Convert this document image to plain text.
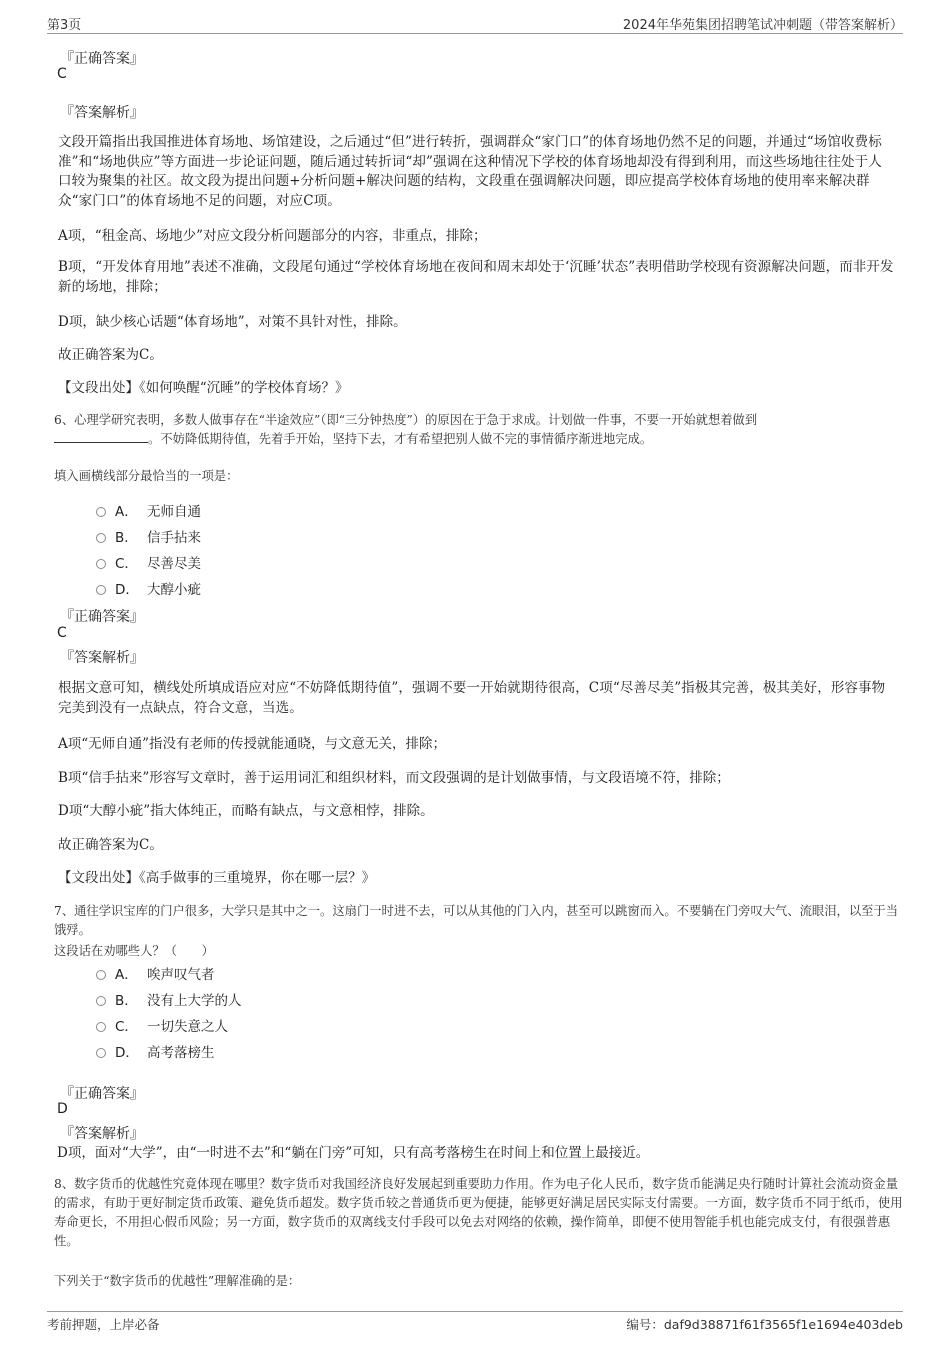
第3页	2024年华苑集团招聘笔试冲刺题（带答案解析）
『正确答案』
C
『答案解析』
文段开篇指出我国推进体育场地、场馆建设，之后通过“但”进行转折，强调群众“家门口”的体育场地仍然不足的问题，并通过“场馆收费标准”和“场地供应”等方面进一步论证问题，随后通过转折词“却”强调在这种情况下学校的体育场地却没有得到利用，而这些场地往往处于人口较为聚集的社区。故文段为提出问题+分析问题+解决问题的结构，文段重在强调解决问题，即应提高学校体育场地的使用率来解决群众“家门口”的体育场地不足的问题，对应C项。
A项，“租金高、场地少”对应文段分析问题部分的内容，非重点，排除；
B项，“开发体育用地”表述不准确，文段尾句通过“学校体育场地在夜间和周末却处于‘沉睡’状态”表明借助学校现有资源解决问题，而非开发新的场地，排除；
D项，缺少核心话题“体育场地”，对策不具针对性，排除。
故正确答案为C。
【文段出处】《如何唤醒“沉睡”的学校体育场？》
6、心理学研究表明，多数人做事存在“半途效应”（即“三分钟热度”）的原因在于急于求成。计划做一件事，不要一开始就想着做到
。不妨降低期待值，先着手开始，坚持下去，才有希望把别人做不完的事情循序渐进地完成。
填入画横线部分最恰当的一项是：
A． 无师自通
B． 信手拈来
C． 尽善尽美
D． 大醇小疵
『正确答案』
C
『答案解析』
根据文意可知，横线处所填成语应对应“不妨降低期待值”，强调不要一开始就期待很高，C项“尽善尽美”指极其完善，极其美好，形容事物完美到没有一点缺点，符合文意，当选。
A项“无师自通”指没有老师的传授就能通晓，与文意无关，排除；
B项“信手拈来”形容写文章时，善于运用词汇和组织材料，而文段强调的是计划做事情，与文段语境不符，排除；
D项“大醇小疵”指大体纯正，而略有缺点，与文意相悖，排除。
故正确答案为C。
【文段出处】《高手做事的三重境界，你在哪一层？》
7、通往学识宝库的门户很多，大学只是其中之一。这扇门一时进不去，可以从其他的门入内，甚至可以跳窗而入。不要躺在门旁叹大气、流眼泪，以至于当饿殍。
这段话在劝哪些人？（　　）
A． 唉声叹气者
B． 没有上大学的人
C． 一切失意之人
D． 高考落榜生
『正确答案』
D
『答案解析』
D项，面对“大学”，由“一时进不去”和“躺在门旁”可知，只有高考落榜生在时间上和位置上最接近。
8、数字货币的优越性究竟体现在哪里？数字货币对我国经济良好发展起到重要助力作用。作为电子化人民币，数字货币能满足央行随时计算社会流动资金量的需求，有助于更好制定货币政策、避免货币超发。数字货币较之普通货币更为便捷，能够更好满足居民实际支付需要。一方面，数字货币不同于纸币，使用寿命更长，不用担心假币风险；另一方面，数字货币的双离线支付手段可以免去对网络的依赖，操作简单，即便不使用智能手机也能完成支付，有很强普惠性。
下列关于“数字货币的优越性”理解准确的是：
考前押题，上岸必备	编号：daf9d38871f61f3565f1e1694e403deb
